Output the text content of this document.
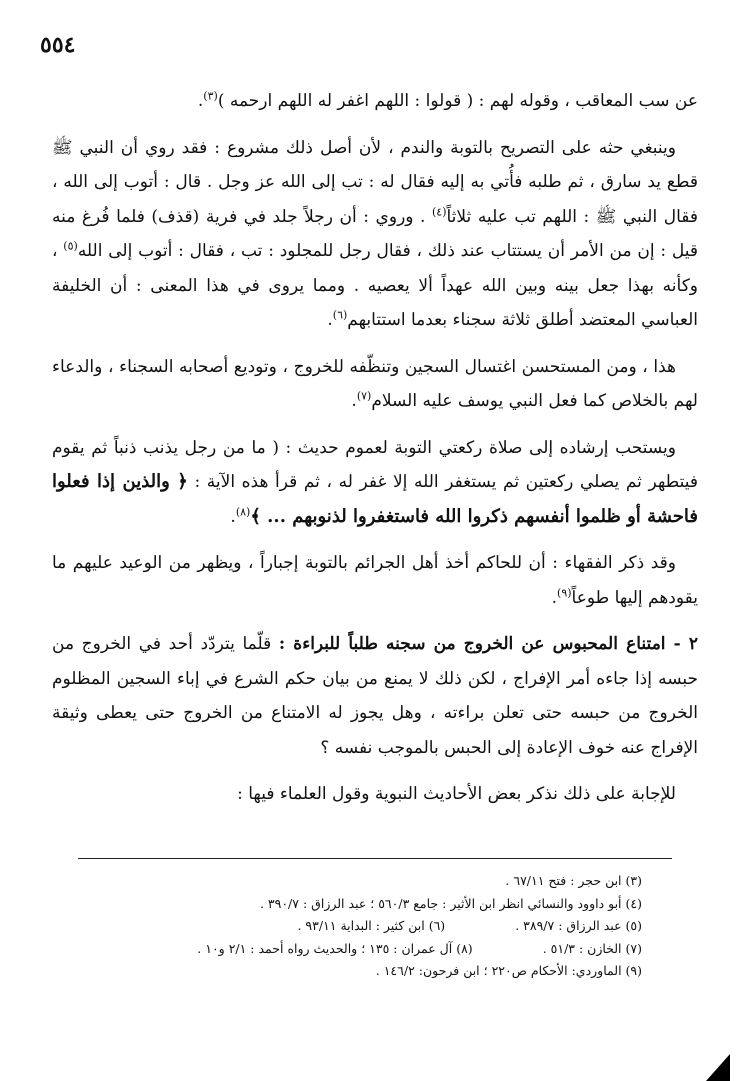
٥٥٤

عن سب المعاقب ، وقوله لهم : ( قولوا : اللهم اغفر له اللهم ارحمه )$^{(٣)}$.

وينبغي حثه على التصريح بالتوبة والندم ، لأن أصل ذلك مشروع : فقد روي أن النبي ﷺ قطع يد سارق ، ثم طلبه فأُتي به إليه فقال له : تب إلى الله عز وجل . قال : أتوب إلى الله ، فقال النبي ﷺ : اللهم تب عليه ثلاثاً$^{(٤)}$ . وروي : أن رجلاً جلد في فرية (قذف) فلما فُرغ منه قيل : إن من الأمر أن يستتاب عند ذلك ، فقال رجل للمجلود : تب ، فقال : أتوب إلى الله$^{(٥)}$ ، وكأنه بهذا جعل بينه وبين الله عهداً ألا يعصيه . ومما يروى في هذا المعنى : أن الخليفة العباسي المعتضد أطلق ثلاثة سجناء بعدما استتابهم$^{(٦)}$.

هذا ، ومن المستحسن اغتسال السجين وتنظّفه للخروج ، وتوديع أصحابه السجناء ، والدعاء لهم بالخلاص كما فعل النبي يوسف عليه السلام$^{(٧)}$.

ويستحب إرشاده إلى صلاة ركعتي التوبة لعموم حديث : ( ما من رجل يذنب ذنباً ثم يقوم فيتطهر ثم يصلي ركعتين ثم يستغفر الله إلا غفر له ، ثم قرأ هذه الآية : ﴿ والذين إذا فعلوا فاحشة أو ظلموا أنفسهم ذكروا الله فاستغفروا لذنوبهم ... ﴾$^{(٨)}$.

وقد ذكر الفقهاء : أن للحاكم أخذ أهل الجرائم بالتوبة إجباراً ، ويظهر من الوعيد عليهم ما يقودهم إليها طوعاً$^{(٩)}$.

٢ - امتناع المحبوس عن الخروج من سجنه طلباً للبراءة : قلّما يتردّد أحد في الخروج من حبسه إذا جاءه أمر الإفراج ، لكن ذلك لا يمنع من بيان حكم الشرع في إباء السجين المظلوم الخروج من حبسه حتى تعلن براءته ، وهل يجوز له الامتناع من الخروج حتى يعطى وثيقة الإفراج عنه خوف الإعادة إلى الحبس بالموجب نفسه ؟

للإجابة على ذلك نذكر بعض الأحاديث النبوية وقول العلماء فيها :

(٣) ابن حجر : فتح ٦٧/١١ .
(٤) أبو داوود والنسائي انظر ابن الأثير : جامع ٥٦٠/٣ ؛ عبد الرزاق : ٣٩٠/٧ .
(٥) عبد الرزاق : ٣٨٩/٧ .
(٦) ابن كثير : البداية ٩٣/١١ .
(٧) الخازن : ٥١/٣ .
(٨) آل عمران : ١٣٥ ؛ والحديث رواه أحمد : ٢/١ و١٠ .
(٩) الماوردي: الأحكام ص٢٢٠ ؛ ابن فرحون: ١٤٦/٢ .
